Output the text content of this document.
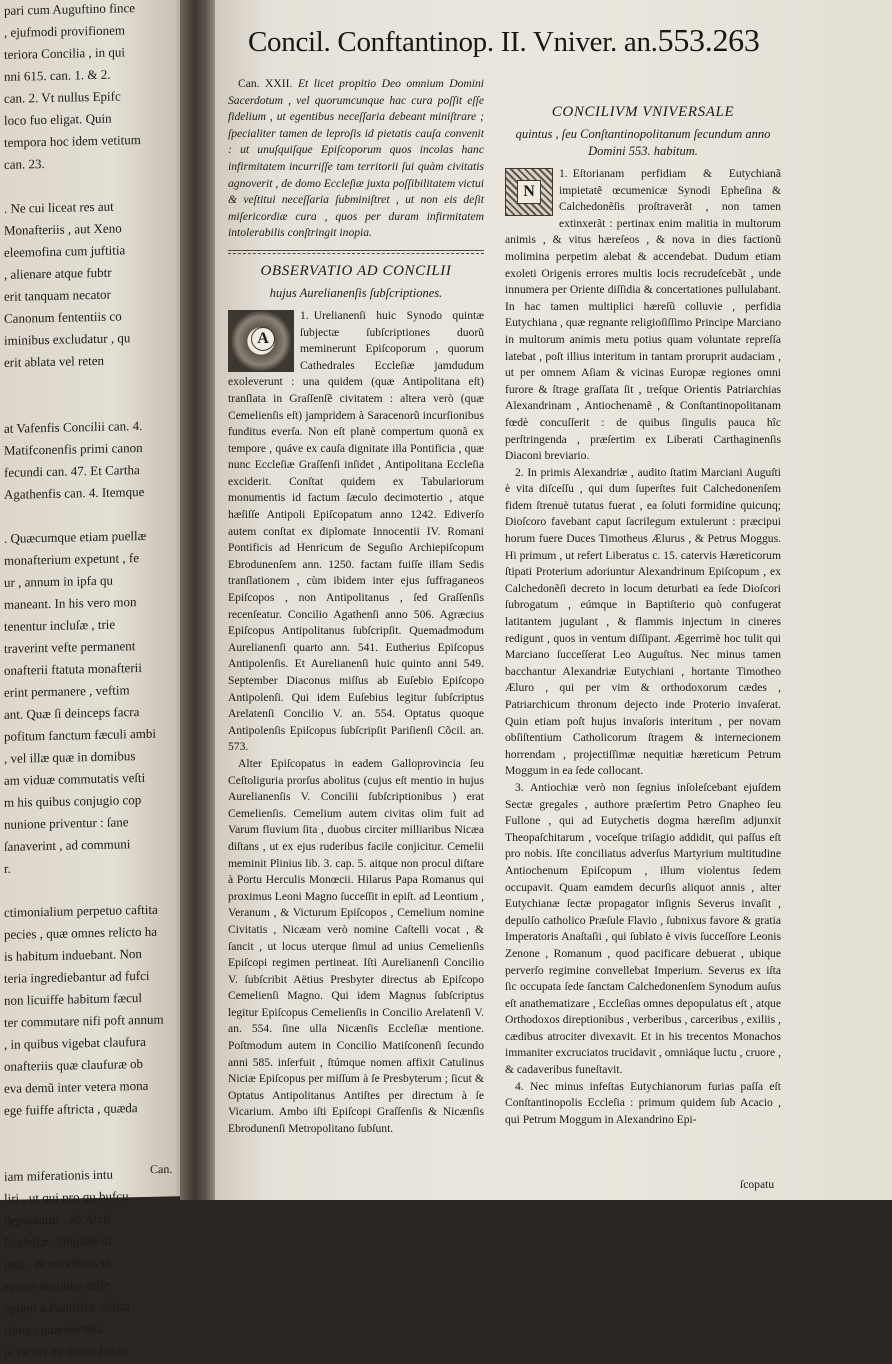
pari cum Auguftino fince
, ejufmodi provifionem
teriora Concilia , in qui
nni 615. can. 1. & 2.
can. 2. Vt nullus Epifc
loco fuo eligat. Quin
tempora hoc idem vetitum
can. 23.
. Ne cui liceat res aut
Monafteriis , aut Xeno
eleemofina cum juftitia
, alienare atque fubtr
erit tanquam necator
Canonum fententiis co
iminibus excludatur , qu
erit ablata vel reten
at Vafenfis Concilii can. 4.
Matifconenfis primi canon
fecundi can. 47. Et Cartha
Agathenfis can. 4. Itemque
. Quæcumque etiam puellæ
monafterium expetunt , fe
ur , annum in ipfa qu
maneant. In his vero mon
tenentur incluſæ , trie
traverint vefte permanent
onafterii ftatuta monafterii
erint permanere , veftim
ant. Quæ ſi deinceps facra
pofitum fanctum fæculi ambi
, vel illæ quæ in domibus
am viduæ commutatis veſti
m his quibus conjugio cop
nunione priventur : ſane
ſanaverint , ad communi
r.
ctimonialium perpetuo caftita
pecies , quæ omnes relicto ha
is habitum induebant. Non
teria ingrediebantur ad fufci
non licuiffe habitum fæcul
ter commutare nifi poft annum
, in quibus vigebat claufura
onafteriis quæ claufuræ ob
eva demũ inter vetera mona
ege fuiffe aftricta , quæda
iam miferationis intu
liri , ut qui pro qu bufcu
deputantur , ab Arch
Eccleſiæ , fingulis di
ntur , & neceſſitas vi
eptum divinum mife
eptum à Pontifice inſtitu
rſona , quæ neceſſa
is victus de domo Eccle
Can.
Concil. Conftantinop. II. Vniver. an.553.263

Can. XXII. Et licet propitio Deo omnium Domini Sacerdotum , vel quorumcunque hac cura poſſit eſſe fidelium , ut egentibus neceſſaria debeant miniſtrare ; ſpecialiter tamen de leproſis id pietatis cauſa convenit : ut unuſquiſque Epiſcoporum quos incolas hanc infirmitatem incurriſſe tam territorii ſui quàm civitatis agnoverit , de domo Eccleſiæ juxta poſſibilitatem victui & veſtitui neceſſaria ſubminiſtret , ut non eis deſit miſericordiæ cura , quos per duram infirmitatem intolerabilis conſtringit inopia.

OBSERVATIO AD CONCILII
hujus Aurelianenſis ſubſcriptiones.

1.
A
Urelianenſi huic Synodo quintæ ſubjectæ ſubſcriptiones duorũ meminerunt Epiſcoporum , quorum Cathedrales Eccleſiæ jamdudum exoleverunt : una quidem (quæ Antipolitana eſt) tranſlata in Graſſenſẽ civitatem : altera verò (quæ Cemelienſis eſt) jampridem à Saracenorũ incurſionibus funditus everſa. Non eſt planè compertum quonã ex tempore , quáve ex cauſa dignitate illa Pontificia , quæ nunc Eccleſiæ Graſſenſi inſidet , Antipolitana Eccleſia exciderit. Conſtat quidem ex Tabulariorum monumentis id factum ſæculo decimotertio , atque hæſiſſe Antipoli Epiſcopatum anno 1242. Ediverſo autem conſtat ex diplomate Innocentii IV. Romani Pontificis ad Henricum de Seguſio Archiepiſcopum Ebrodunenſem ann. 1250. factam fuiſſe illam Sedis tranſlationem , cùm ibidem inter ejus ſuffraganeos Epiſcopos , non Antipolitanus , ſed Graſſenſis recenſeatur. Concilio Agathenſi anno 506. Agræcius Epiſcopus Antipolitanus ſubſcripſit. Quemadmodum Aurelianenſi quarto ann. 541. Eutherius Epiſcopus Antipolenſis. Et Aurelianenſi huic quinto anni 549. September Diaconus miſſus ab Euſebio Epiſcopo Antipolenſi. Qui idem Euſebius legitur ſubſcriptus Arelatenſi Concilio V. an. 554. Optatus quoque Antipolenſis Epiſcopus ſubſcripſit Pariſienſi Cõcil. an. 573.

Alter Epiſcopatus in eadem Galloprovincia ſeu Ceſtoliguria prorſus abolitus (cujus eſt mentio in hujus Aurelianenſis V. Concilii ſubſcriptionibus ) erat Cemelienſis. Cemelium autem civitas olim fuit ad Varum fluvium ſita , duobus circiter milliaribus Nicæa diſtans , ut ex ejus ruderibus facile conjicitur. Cemelii meminit Plinius lib. 3. cap. 5. aitque non procul diſtare à Portu Herculis Monœcii. Hilarus Papa Romanus qui proximus Leoni Magno ſucceſſit in epiſt. ad Leontium , Veranum , & Victurum Epiſcopos , Cemelium nomine Civitatis , Nicæam verò nomine Caſtelli vocat , & ſancit , ut locus uterque ſimul ad unius Cemelienſis Epiſcopi regimen pertineat. Iſti Aurelianenſi Concilio V. ſubſcribit Aëtius Presbyter directus ab Epiſcopo Cemelienſi Magno. Qui idem Magnus ſubſcriptus legitur Epiſcopus Cemelienſis in Concilio Arelatenſi V. an. 554. ſine ulla Nicænſis Eccleſiæ mentione. Poſtmodum autem in Concilio Matiſconenſi ſecundo anni 585. inſerfuit , ſtúmque nomen affixit Catulinus Niciæ Epiſcopus per miſſum à ſe Presbyterum ; ſicut & Optatus Antipolitanus Antiſtes per directum à ſe Vicarium. Ambo iſti Epiſcopi Graſſenſis & Nicænſis Ebrodunenſi Metropolitano ſubſunt.

CONCILIVM VNIVERSALE
quintus , ſeu Conſtantinopolitanum ſecundum anno Domini 553. habitum.

1.
N
Eſtorianam perfidiam & Eutychianã impietatẽ œcumenicæ Synodi Epheſina & Calchedonẽſis proſtraverãt , non tamen extinxerãt : pertinax enim malitia in multorum animis , & vitus hæreſeos , & nova in dies factionũ molimina perpetim alebat & accendebat. Dudum etiam exoleti Origenis errores multis locis recrudeſcebãt , unde innumera per Oriente diſſidia & concertationes pullulabant. In hac tamen multiplici hæreſũ colluvie , perfidia Eutychiana , quæ regnante religioſiſſimo Principe Marciano in multorum animis metu potius quam voluntate repreſſa latebat , poſt illius interitum in tantam proruprit audaciam , ut per omnem Aſiam & vicinas Europæ regiones omni furore & ſtrage graſſata ſit , treſque Orientis Patriarchias Alexandrinam , Antiochenamẽ , & Conſtantinopolitanam fœdè concuſſerit : de quibus ſingulis pauca hîc perſtringenda , præſertim ex Liberati Carthaginenſis Diaconi breviario.

2. In primis Alexandriæ , audito ſtatim Marciani Auguſti è vita diſceſſu , qui dum ſuperſtes fuit Calchedonenſem fidem ſtrenuè tutatus fuerat , ea ſoluti formidine quicunq; Dioſcoro favebant caput ſacrilegum extulerunt : præcipui horum fuere Duces Timotheus Ælurus , & Petrus Moggus. Hi primum , ut refert Liberatus c. 15. catervis Hæreticorum ſtipati Proterium adoriuntur Alexandrinum Epiſcopum , ex Calchedonẽſi decreto in locum deturbati ea ſede Dioſcori ſubrogatum , eúmque in Baptiſterio quò confugerat latitantem jugulant , & flammis injectum in cineres redigunt , quos in ventum diſſipant. Ægerrimè hoc tulit qui Marciano ſucceſſerat Leo Auguſtus. Nec minus tamen bacchantur Alexandriæ Eutychiani , hortante Timotheo Æluro , qui per vim & orthodoxorum cædes , Patriarchicum thronum dejecto inde Proterio invaſerat. Quin etiam poſt hujus invaſoris interitum , per novam obſiſtentium Catholicorum ſtragem & internecionem horrendam , projectiſſimæ nequitiæ hæreticum Petrum Moggum in ea ſede collocant.

3. Antiochiæ verò non ſegnius inſoleſcebant ejuſdem Sectæ gregales , authore præſertim Petro Gnapheo ſeu Fullone , qui ad Eutychetis dogma hæreſim adjunxit Theopaſchitarum , voceſque triſagio addidit, qui paſſus eſt pro nobis. Iſte conciliatus adverſus Martyrium multitudine Antiochenum Epiſcopum , illum violentus ſedem occupavit. Quam eamdem decurſis aliquot annis , alter Eutychianæ ſectæ propagator inſignis Severus invaſit , depulſo catholico Præſule Flavio , ſubnixus favore & gratia Imperatoris Anaſtaſii , qui ſublato è vivis ſucceſſore Leonis Zenone , Romanum , quod pacificare debuerat , ubique perverſo regimine convellebat Imperium. Severus ex iſta ſic occupata ſede ſanctam Calchedonenſem Synodum auſus eſt anathematizare , Eccleſias omnes depopulatus eſt , atque Orthodoxos direptionibus , verberibus , carceribus , exiliis , cædibus atrociter divexavit. Et in his trecentos Monachos immaniter excruciatos trucidavit , omniáque luctu , cruore , & cadaveribus funeſtavit.

4. Nec minus infeſtas Eutychianorum furias paſſa eſt Conſtantinopolis Eccleſia : primum quidem ſub Acacio , qui Petrum Moggum in Alexandrino Epi-

ſcopatu
